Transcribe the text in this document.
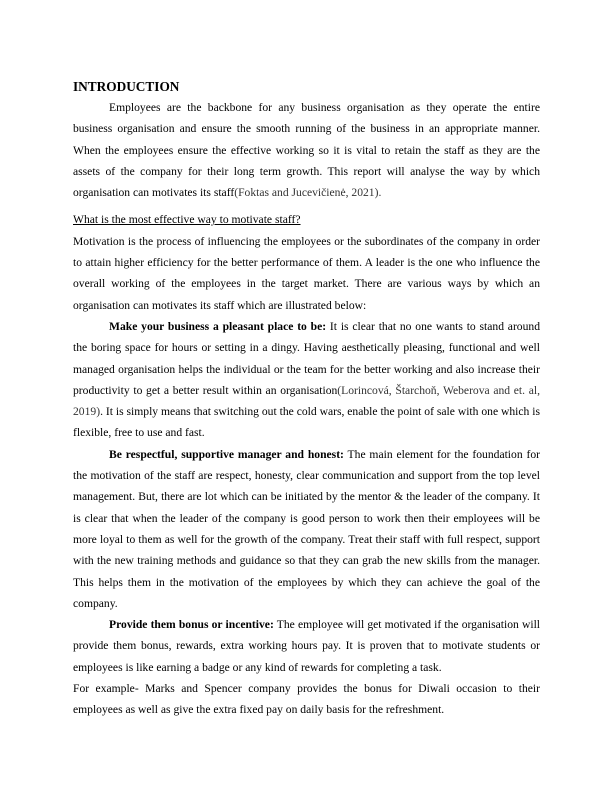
INTRODUCTION

Employees are the backbone for any business organisation as they operate the entire business organisation and ensure the smooth running of the business in an appropriate manner. When the employees ensure the effective working so it is vital to retain the staff as they are the assets of the company for their long term growth. This report will analyse the way by which organisation can motivates its staff(Foktas and Jucevičienė, 2021).

What is the most effective way to motivate staff?

Motivation is the process of influencing the employees or the subordinates of the company in order to attain higher efficiency for the better performance of them. A leader is the one who influence the overall working of the employees in the target market. There are various ways by which an organisation can motivates its staff which are illustrated below:

Make your business a pleasant place to be: It is clear that no one wants to stand around the boring space for hours or setting in a dingy. Having aesthetically pleasing, functional and well managed organisation helps the individual or the team for the better working and also increase their productivity to get a better result within an organisation(Lorincová, Štarchoň, Weberova and et. al, 2019). It is simply means that switching out the cold wars, enable the point of sale with one which is flexible, free to use and fast.

Be respectful, supportive manager and honest: The main element for the foundation for the motivation of the staff are respect, honesty, clear communication and support from the top level management. But, there are lot which can be initiated by the mentor & the leader of the company. It is clear that when the leader of the company is good person to work then their employees will be more loyal to them as well for the growth of the company. Treat their staff with full respect, support with the new training methods and guidance so that they can grab the new skills from the manager. This helps them in the motivation of the employees by which they can achieve the goal of the company.

Provide them bonus or incentive: The employee will get motivated if the organisation will provide them bonus, rewards, extra working hours pay. It is proven that to motivate students or employees is like earning a badge or any kind of rewards for completing a task.

For example- Marks and Spencer company provides the bonus for Diwali occasion to their employees as well as give the extra fixed pay on daily basis for the refreshment.
